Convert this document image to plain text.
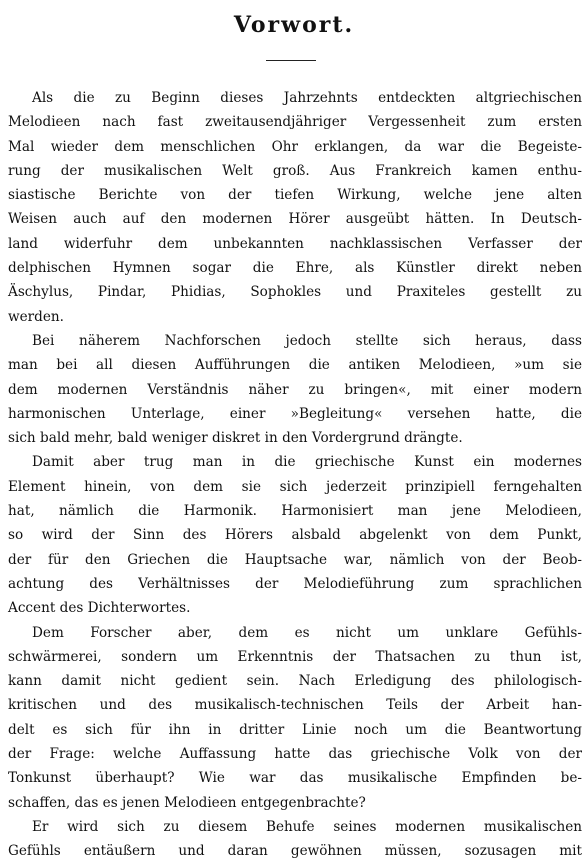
Vorwort.
Als die zu Beginn dieses Jahrzehnts entdeckten altgriechischen
Melodieen nach fast zweitausendjähriger Vergessenheit zum ersten
Mal wieder dem menschlichen Ohr erklangen, da war die Begeiste-
rung der musikalischen Welt groß. Aus Frankreich kamen enthu-
siastische Berichte von der tiefen Wirkung, welche jene alten
Weisen auch auf den modernen Hörer ausgeübt hätten. In Deutsch-
land widerfuhr dem unbekannten nachklassischen Verfasser der
delphischen Hymnen sogar die Ehre, als Künstler direkt neben
Äschylus, Pindar, Phidias, Sophokles und Praxiteles gestellt zu
werden.
Bei näherem Nachforschen jedoch stellte sich heraus, dass
man bei all diesen Aufführungen die antiken Melodieen, »um sie
dem modernen Verständnis näher zu bringen«, mit einer modern
harmonischen Unterlage, einer »Begleitung« versehen hatte, die
sich bald mehr, bald weniger diskret in den Vordergrund drängte.
Damit aber trug man in die griechische Kunst ein modernes
Element hinein, von dem sie sich jederzeit prinzipiell ferngehalten
hat, nämlich die Harmonik. Harmonisiert man jene Melodieen,
so wird der Sinn des Hörers alsbald abgelenkt von dem Punkt,
der für den Griechen die Hauptsache war, nämlich von der Beob-
achtung des Verhältnisses der Melodieführung zum sprachlichen
Accent des Dichterwortes.
Dem Forscher aber, dem es nicht um unklare Gefühls-
schwärmerei, sondern um Erkenntnis der Thatsachen zu thun ist,
kann damit nicht gedient sein. Nach Erledigung des philologisch-
kritischen und des musikalisch-technischen Teils der Arbeit han-
delt es sich für ihn in dritter Linie noch um die Beantwortung
der Frage: welche Auffassung hatte das griechische Volk von der
Tonkunst überhaupt? Wie war das musikalische Empfinden be-
schaffen, das es jenen Melodieen entgegenbrachte?
Er wird sich zu diesem Behufe seines modernen musikalischen
Gefühls entäußern und daran gewöhnen müssen, sozusagen mit
